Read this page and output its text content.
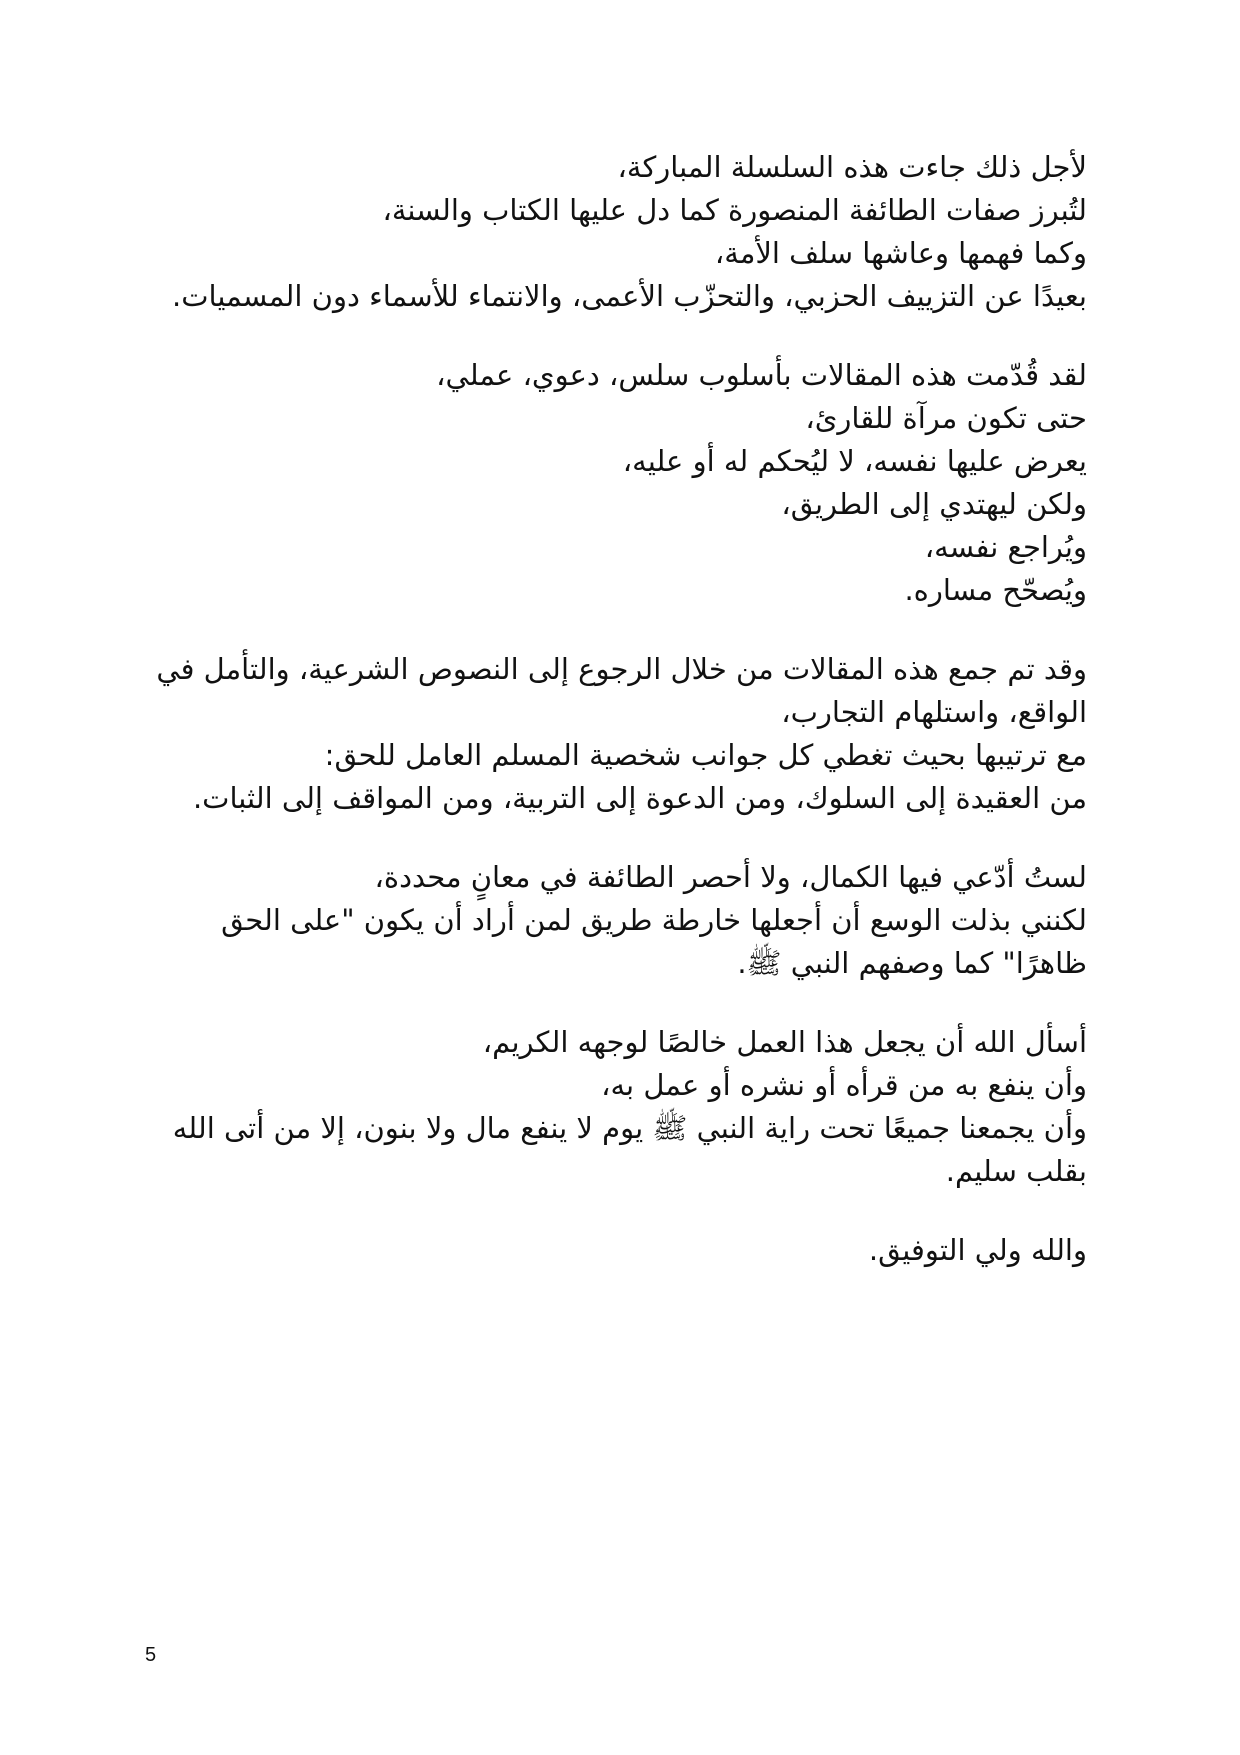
لأجل ذلك جاءت هذه السلسلة المباركة،
لتُبرز صفات الطائفة المنصورة كما دل عليها الكتاب والسنة،
وكما فهمها وعاشها سلف الأمة،
بعيدًا عن التزييف الحزبي، والتحزّب الأعمى، والانتماء للأسماء دون المسميات.
لقد قُدّمت هذه المقالات بأسلوب سلس، دعوي، عملي،
حتى تكون مرآة للقارئ،
يعرض عليها نفسه، لا ليُحكم له أو عليه،
ولكن ليهتدي إلى الطريق،
ويُراجع نفسه،
ويُصحّح مساره.
وقد تم جمع هذه المقالات من خلال الرجوع إلى النصوص الشرعية، والتأمل في الواقع، واستلهام التجارب،
مع ترتيبها بحيث تغطي كل جوانب شخصية المسلم العامل للحق:
من العقيدة إلى السلوك، ومن الدعوة إلى التربية، ومن المواقف إلى الثبات.
لستُ أدّعي فيها الكمال، ولا أحصر الطائفة في معانٍ محددة،
لكنني بذلت الوسع أن أجعلها خارطة طريق لمن أراد أن يكون "على الحق ظاهرًا" كما وصفهم النبي ﷺ.
أسأل الله أن يجعل هذا العمل خالصًا لوجهه الكريم،
وأن ينفع به من قرأه أو نشره أو عمل به،
وأن يجمعنا جميعًا تحت راية النبي ﷺ يوم لا ينفع مال ولا بنون، إلا من أتى الله بقلب سليم.
والله ولي التوفيق.
5
